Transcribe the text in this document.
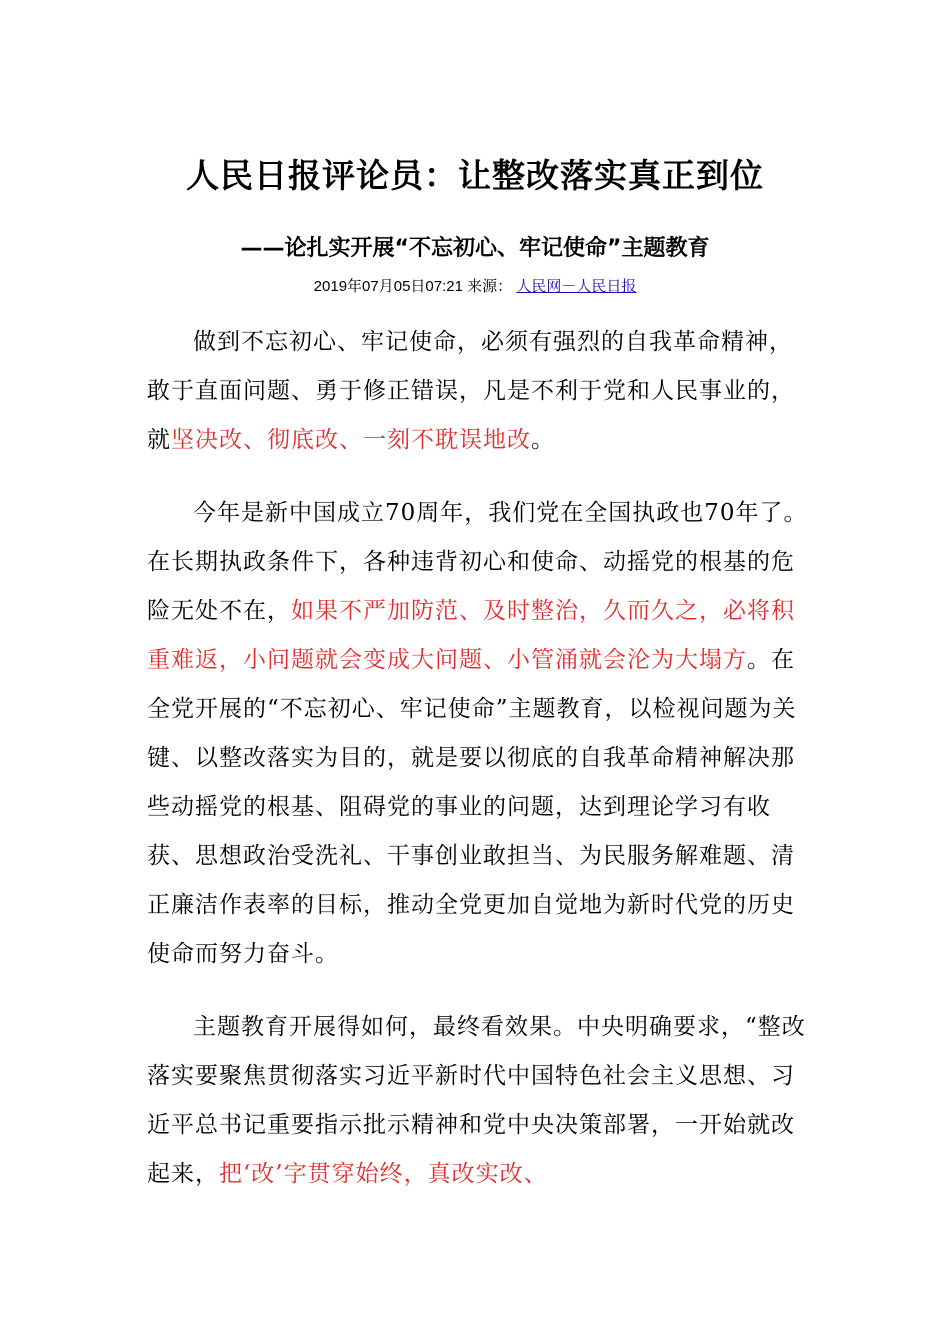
人民日报评论员：让整改落实真正到位
——论扎实开展“不忘初心、牢记使命”主题教育
2019年07月05日07:21 来源： 人民网－人民日报

做到不忘初心、牢记使命，必须有强烈的自我革命精神，敢于直面问题、勇于修正错误，凡是不利于党和人民事业的，就坚决改、彻底改、一刻不耽误地改。

今年是新中国成立70周年，我们党在全国执政也70年了。在长期执政条件下，各种违背初心和使命、动摇党的根基的危险无处不在，如果不严加防范、及时整治，久而久之，必将积重难返，小问题就会变成大问题、小管涌就会沦为大塌方。在全党开展的“不忘初心、牢记使命”主题教育，以检视问题为关键、以整改落实为目的，就是要以彻底的自我革命精神解决那些动摇党的根基、阻碍党的事业的问题，达到理论学习有收获、思想政治受洗礼、干事创业敢担当、为民服务解难题、清正廉洁作表率的目标，推动全党更加自觉地为新时代党的历史使命而努力奋斗。

主题教育开展得如何，最终看效果。中央明确要求，“整改落实要聚焦贯彻落实习近平新时代中国特色社会主义思想、习近平总书记重要指示批示精神和党中央决策部署，一开始就改起来，把‘改’字贯穿始终，真改实改、
